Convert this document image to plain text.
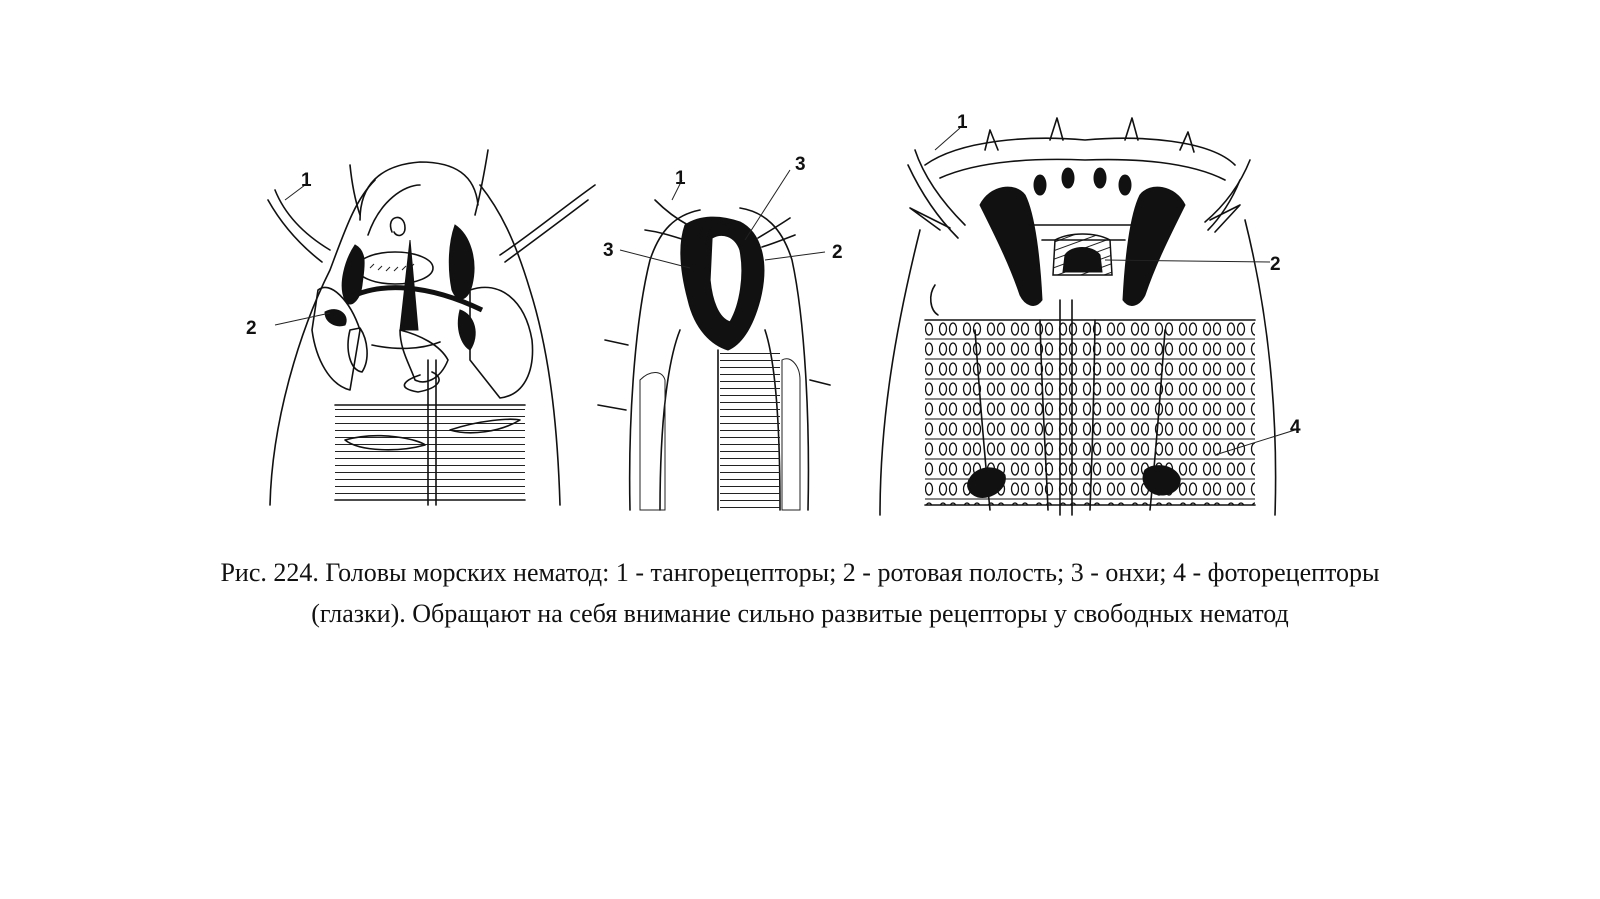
1
2
1
3
3	2
1
2
4

Рис. 224. Головы морских нематод: 1 - тангорецепторы; 2 - ротовая полость; 3 - онхи; 4 - фоторецепторы (глазки). Обращают на себя внимание сильно развитые рецепторы у свободных нематод
